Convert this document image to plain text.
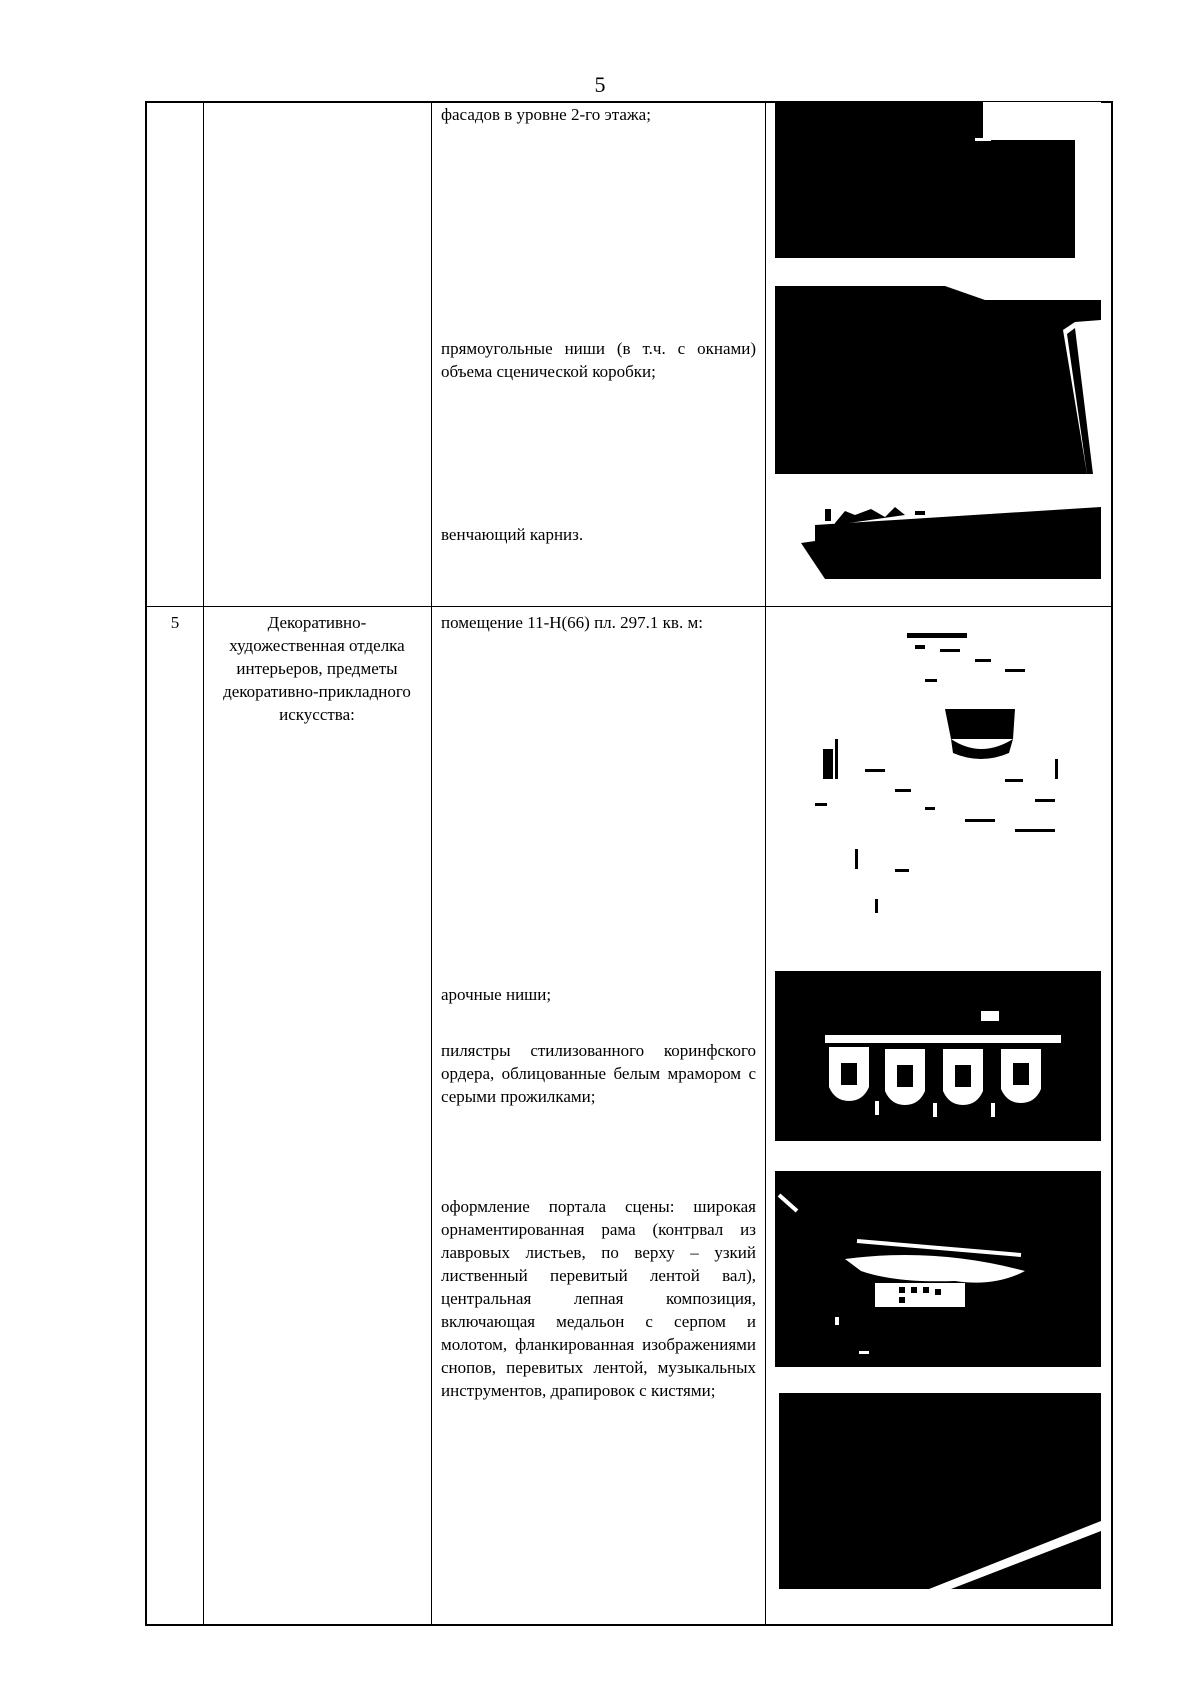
5
фасадов в уровне 2-го этажа;
прямоугольные ниши (в т.ч. с окнами) объема сценической коробки;
венчающий карниз.
5	Декоративно-художественная отделка интерьеров, предметы декоративно-прикладного искусства:
помещение 11-Н(66) пл. 297.1 кв. м:
арочные ниши;
пилястры стилизованного коринфского ордера, облицованные белым мрамором с серыми прожилками;
оформление портала сцены: широкая орнаментированная рама (контрвал из лавровых листьев, по верху – узкий лиственный перевитый лентой вал), центральная лепная композиция, включающая медальон с серпом и молотом, фланкированная изображениями снопов, перевитых лентой, музыкальных инструментов, драпировок с кистями;
